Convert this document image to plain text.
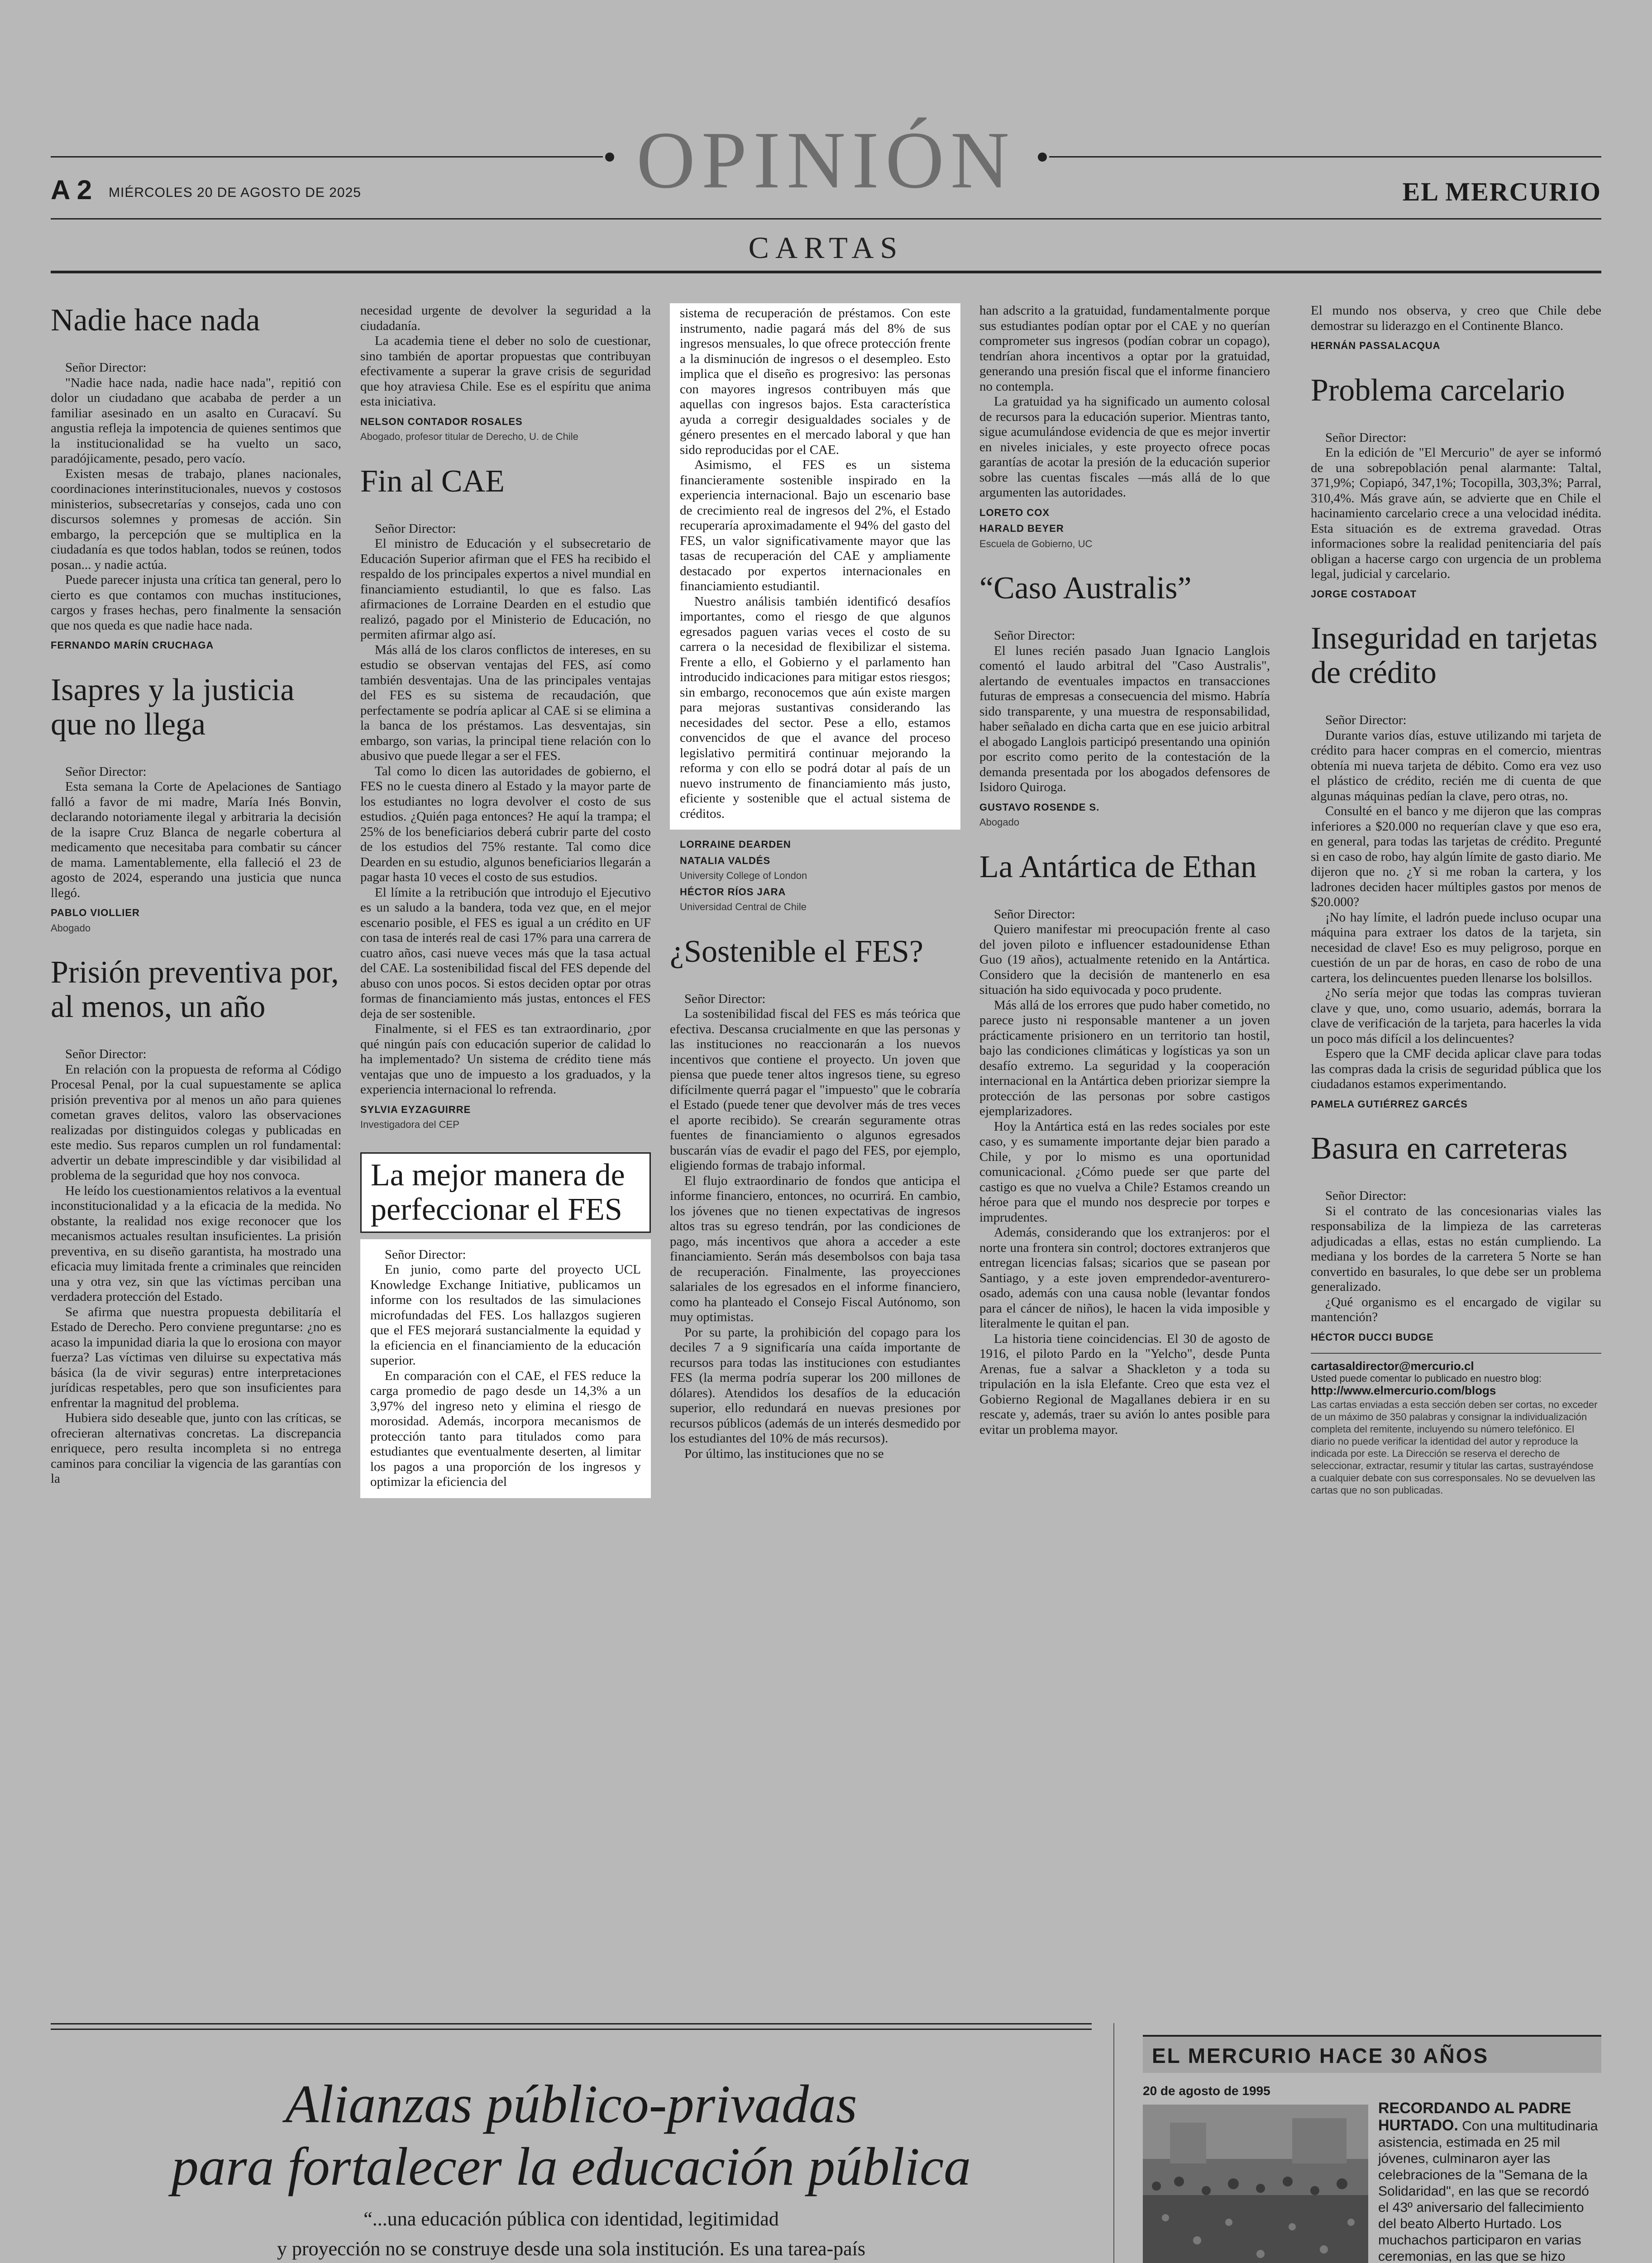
OPINIÓN
A 2 MIÉRCOLES 20 DE AGOSTO DE 2025	EL MERCURIO
CARTAS
Nadie hace nada

Señor Director:

"Nadie hace nada, nadie hace nada", repitió con dolor un ciudadano que acababa de perder a un familiar asesinado en un asalto en Curacaví. Su angustia refleja la impotencia de quienes sentimos que la institucionalidad se ha vuelto un saco, paradójicamente, pesado, pero vacío.

Existen mesas de trabajo, planes nacionales, coordinaciones interinstitucionales, nuevos y costosos ministerios, subsecretarías y consejos, cada uno con discursos solemnes y promesas de acción. Sin embargo, la percepción que se multiplica en la ciudadanía es que todos hablan, todos se reúnen, todos posan... y nadie actúa.

Puede parecer injusta una crítica tan general, pero lo cierto es que contamos con muchas instituciones, cargos y frases hechas, pero finalmente la sensación que nos queda es que nadie hace nada.

FERNANDO MARÍN CRUCHAGA

Isapres y la justicia que no llega

Señor Director:

Esta semana la Corte de Apelaciones de Santiago falló a favor de mi madre, María Inés Bonvin, declarando notoriamente ilegal y arbitraria la decisión de la isapre Cruz Blanca de negarle cobertura al medicamento que necesitaba para combatir su cáncer de mama. Lamentablemente, ella falleció el 23 de agosto de 2024, esperando una justicia que nunca llegó.

PABLO VIOLLIER

Abogado

Prisión preventiva por, al menos, un año

Señor Director:

En relación con la propuesta de reforma al Código Procesal Penal, por la cual supuestamente se aplica prisión preventiva por al menos un año para quienes cometan graves delitos, valoro las observaciones realizadas por distinguidos colegas y publicadas en este medio. Sus reparos cumplen un rol fundamental: advertir un debate imprescindible y dar visibilidad al problema de la seguridad que hoy nos convoca.

He leído los cuestionamientos relativos a la eventual inconstitucionalidad y a la eficacia de la medida. No obstante, la realidad nos exige reconocer que los mecanismos actuales resultan insuficientes. La prisión preventiva, en su diseño garantista, ha mostrado una eficacia muy limitada frente a criminales que reinciden una y otra vez, sin que las víctimas perciban una verdadera protección del Estado.

Se afirma que nuestra propuesta debilitaría el Estado de Derecho. Pero conviene preguntarse: ¿no es acaso la impunidad diaria la que lo erosiona con mayor fuerza? Las víctimas ven diluirse su expectativa más básica (la de vivir seguras) entre interpretaciones jurídicas respetables, pero que son insuficientes para enfrentar la magnitud del problema.

Hubiera sido deseable que, junto con las críticas, se ofrecieran alternativas concretas. La discrepancia enriquece, pero resulta incompleta si no entrega caminos para conciliar la vigencia de las garantías con la

necesidad urgente de devolver la seguridad a la ciudadanía.

La academia tiene el deber no solo de cuestionar, sino también de aportar propuestas que contribuyan efectivamente a superar la grave crisis de seguridad que hoy atraviesa Chile. Ese es el espíritu que anima esta iniciativa.

NELSON CONTADOR ROSALES

Abogado, profesor titular de Derecho, U. de Chile

Fin al CAE

Señor Director:

El ministro de Educación y el subsecretario de Educación Superior afirman que el FES ha recibido el respaldo de los principales expertos a nivel mundial en financiamiento estudiantil, lo que es falso. Las afirmaciones de Lorraine Dearden en el estudio que realizó, pagado por el Ministerio de Educación, no permiten afirmar algo así.

Más allá de los claros conflictos de intereses, en su estudio se observan ventajas del FES, así como también desventajas. Una de las principales ventajas del FES es su sistema de recaudación, que perfectamente se podría aplicar al CAE si se elimina a la banca de los préstamos. Las desventajas, sin embargo, son varias, la principal tiene relación con lo abusivo que puede llegar a ser el FES.

Tal como lo dicen las autoridades de gobierno, el FES no le cuesta dinero al Estado y la mayor parte de los estudiantes no logra devolver el costo de sus estudios. ¿Quién paga entonces? He aquí la trampa; el 25% de los beneficiarios deberá cubrir parte del costo de los estudios del 75% restante. Tal como dice Dearden en su estudio, algunos beneficiarios llegarán a pagar hasta 10 veces el costo de sus estudios.

El límite a la retribución que introdujo el Ejecutivo es un saludo a la bandera, toda vez que, en el mejor escenario posible, el FES es igual a un crédito en UF con tasa de interés real de casi 17% para una carrera de cuatro años, casi nueve veces más que la tasa actual del CAE. La sostenibilidad fiscal del FES depende del abuso con unos pocos. Si estos deciden optar por otras formas de financiamiento más justas, entonces el FES deja de ser sostenible.

Finalmente, si el FES es tan extraordinario, ¿por qué ningún país con educación superior de calidad lo ha implementado? Un sistema de crédito tiene más ventajas que uno de impuesto a los graduados, y la experiencia internacional lo refrenda.

SYLVIA EYZAGUIRRE

Investigadora del CEP

La mejor manera de perfeccionar el FES

Señor Director:

En junio, como parte del proyecto UCL Knowledge Exchange Initiative, publicamos un informe con los resultados de las simulaciones microfundadas del FES. Los hallazgos sugieren que el FES mejorará sustancialmente la equidad y la eficiencia en el financiamiento de la educación superior.

En comparación con el CAE, el FES reduce la carga promedio de pago desde un 14,3% a un 3,97% del ingreso neto y elimina el riesgo de morosidad. Además, incorpora mecanismos de protección tanto para titulados como para estudiantes que eventualmente deserten, al limitar los pagos a una proporción de los ingresos y optimizar la eficiencia del

sistema de recuperación de préstamos. Con este instrumento, nadie pagará más del 8% de sus ingresos mensuales, lo que ofrece protección frente a la disminución de ingresos o el desempleo. Esto implica que el diseño es progresivo: las personas con mayores ingresos contribuyen más que aquellas con ingresos bajos. Esta característica ayuda a corregir desigualdades sociales y de género presentes en el mercado laboral y que han sido reproducidas por el CAE.

Asimismo, el FES es un sistema financieramente sostenible inspirado en la experiencia internacional. Bajo un escenario base de crecimiento real de ingresos del 2%, el Estado recuperaría aproximadamente el 94% del gasto del FES, un valor significativamente mayor que las tasas de recuperación del CAE y ampliamente destacado por expertos internacionales en financiamiento estudiantil.

Nuestro análisis también identificó desafíos importantes, como el riesgo de que algunos egresados paguen varias veces el costo de su carrera o la necesidad de flexibilizar el sistema. Frente a ello, el Gobierno y el parlamento han introducido indicaciones para mitigar estos riesgos; sin embargo, reconocemos que aún existe margen para mejoras sustantivas considerando las necesidades del sector. Pese a ello, estamos convencidos de que el avance del proceso legislativo permitirá continuar mejorando la reforma y con ello se podrá dotar al país de un nuevo instrumento de financiamiento más justo, eficiente y sostenible que el actual sistema de créditos.

LORRAINE DEARDEN

NATALIA VALDÉS

University College of London

HÉCTOR RÍOS JARA

Universidad Central de Chile

¿Sostenible el FES?

Señor Director:

La sostenibilidad fiscal del FES es más teórica que efectiva. Descansa crucialmente en que las personas y las instituciones no reaccionarán a los nuevos incentivos que contiene el proyecto. Un joven que piensa que puede tener altos ingresos tiene, su egreso difícilmente querrá pagar el "impuesto" que le cobraría el Estado (puede tener que devolver más de tres veces el aporte recibido). Se crearán seguramente otras fuentes de financiamiento o algunos egresados buscarán vías de evadir el pago del FES, por ejemplo, eligiendo formas de trabajo informal.

El flujo extraordinario de fondos que anticipa el informe financiero, entonces, no ocurrirá. En cambio, los jóvenes que no tienen expectativas de ingresos altos tras su egreso tendrán, por las condiciones de pago, más incentivos que ahora a acceder a este financiamiento. Serán más desembolsos con baja tasa de recuperación. Finalmente, las proyecciones salariales de los egresados en el informe financiero, como ha planteado el Consejo Fiscal Autónomo, son muy optimistas.

Por su parte, la prohibición del copago para los deciles 7 a 9 significaría una caída importante de recursos para todas las instituciones con estudiantes FES (la merma podría superar los 200 millones de dólares). Atendidos los desafíos de la educación superior, ello redundará en nuevas presiones por recursos públicos (además de un interés desmedido por los estudiantes del 10% de más recursos).

Por último, las instituciones que no se

han adscrito a la gratuidad, fundamentalmente porque sus estudiantes podían optar por el CAE y no querían comprometer sus ingresos (podían cobrar un copago), tendrían ahora incentivos a optar por la gratuidad, generando una presión fiscal que el informe financiero no contempla.

La gratuidad ya ha significado un aumento colosal de recursos para la educación superior. Mientras tanto, sigue acumulándose evidencia de que es mejor invertir en niveles iniciales, y este proyecto ofrece pocas garantías de acotar la presión de la educación superior sobre las cuentas fiscales —más allá de lo que argumenten las autoridades.

LORETO COX

HARALD BEYER

Escuela de Gobierno, UC

“Caso Australis”

Señor Director:

El lunes recién pasado Juan Ignacio Langlois comentó el laudo arbitral del "Caso Australis", alertando de eventuales impactos en transacciones futuras de empresas a consecuencia del mismo. Habría sido transparente, y una muestra de responsabilidad, haber señalado en dicha carta que en ese juicio arbitral el abogado Langlois participó presentando una opinión por escrito como perito de la contestación de la demanda presentada por los abogados defensores de Isidoro Quiroga.

GUSTAVO ROSENDE S.

Abogado

La Antártica de Ethan

Señor Director:

Quiero manifestar mi preocupación frente al caso del joven piloto e influencer estadounidense Ethan Guo (19 años), actualmente retenido en la Antártica. Considero que la decisión de mantenerlo en esa situación ha sido equivocada y poco prudente.

Más allá de los errores que pudo haber cometido, no parece justo ni responsable mantener a un joven prácticamente prisionero en un territorio tan hostil, bajo las condiciones climáticas y logísticas ya son un desafío extremo. La seguridad y la cooperación internacional en la Antártica deben priorizar siempre la protección de las personas por sobre castigos ejemplarizadores.

Hoy la Antártica está en las redes sociales por este caso, y es sumamente importante dejar bien parado a Chile, y por lo mismo es una oportunidad comunicacional. ¿Cómo puede ser que parte del castigo es que no vuelva a Chile? Estamos creando un héroe para que el mundo nos desprecie por torpes e imprudentes.

Además, considerando que los extranjeros: por el norte una frontera sin control; doctores extranjeros que entregan licencias falsas; sicarios que se pasean por Santiago, y a este joven emprendedor-aventurero-osado, además con una causa noble (levantar fondos para el cáncer de niños), le hacen la vida imposible y literalmente le quitan el pan.

La historia tiene coincidencias. El 30 de agosto de 1916, el piloto Pardo en la "Yelcho", desde Punta Arenas, fue a salvar a Shackleton y a toda su tripulación en la isla Elefante. Creo que esta vez el Gobierno Regional de Magallanes debiera ir en su rescate y, además, traer su avión lo antes posible para evitar un problema mayor.

El mundo nos observa, y creo que Chile debe demostrar su liderazgo en el Continente Blanco.

HERNÁN PASSALACQUA

Problema carcelario

Señor Director:

En la edición de "El Mercurio" de ayer se informó de una sobrepoblación penal alarmante: Taltal, 371,9%; Copiapó, 347,1%; Tocopilla, 303,3%; Parral, 310,4%. Más grave aún, se advierte que en Chile el hacinamiento carcelario crece a una velocidad inédita. Esta situación es de extrema gravedad. Otras informaciones sobre la realidad penitenciaria del país obligan a hacerse cargo con urgencia de un problema legal, judicial y carcelario.

JORGE COSTADOAT

Inseguridad en tarjetas de crédito

Señor Director:

Durante varios días, estuve utilizando mi tarjeta de crédito para hacer compras en el comercio, mientras obtenía mi nueva tarjeta de débito. Como era vez uso el plástico de crédito, recién me di cuenta de que algunas máquinas pedían la clave, pero otras, no.

Consulté en el banco y me dijeron que las compras inferiores a $20.000 no requerían clave y que eso era, en general, para todas las tarjetas de crédito. Pregunté si en caso de robo, hay algún límite de gasto diario. Me dijeron que no. ¿Y si me roban la cartera, y los ladrones deciden hacer múltiples gastos por menos de $20.000?

¡No hay límite, el ladrón puede incluso ocupar una máquina para extraer los datos de la tarjeta, sin necesidad de clave! Eso es muy peligroso, porque en cuestión de un par de horas, en caso de robo de una cartera, los delincuentes pueden llenarse los bolsillos.

¿No sería mejor que todas las compras tuvieran clave y que, uno, como usuario, además, borrara la clave de verificación de la tarjeta, para hacerles la vida un poco más difícil a los delincuentes?

Espero que la CMF decida aplicar clave para todas las compras dada la crisis de seguridad pública que los ciudadanos estamos experimentando.

PAMELA GUTIÉRREZ GARCÉS

Basura en carreteras

Señor Director:

Si el contrato de las concesionarias viales las responsabiliza de la limpieza de las carreteras adjudicadas a ellas, estas no están cumpliendo. La mediana y los bordes de la carretera 5 Norte se han convertido en basurales, lo que debe ser un problema generalizado.

¿Qué organismo es el encargado de vigilar su mantención?

HÉCTOR DUCCI BUDGE

cartasaldirector@mercurio.cl
Usted puede comentar lo publicado en nuestro blog:
http://www.elmercurio.com/blogs
Las cartas enviadas a esta sección deben ser cortas, no exceder de un máximo de 350 palabras y consignar la individualización completa del remitente, incluyendo su número telefónico. El diario no puede verificar la identidad del autor y reproduce la indicada por este. La Dirección se reserva el derecho de seleccionar, extractar, resumir y titular las cartas, sustrayéndose a cualquier debate con sus corresponsales. No se devuelven las cartas que no son publicadas.
Alianzas público-privadas
para fortalecer la educación pública
“...una educación pública con identidad, legitimidad
y proyección no se construye desde una sola institución. Es una tarea-país

EL MERCURIO HACE 30 AÑOS
20 de agosto de 1995
RECORDANDO AL PADRE HURTADO. Con una multitudinaria asistencia, estimada en 25 mil jóvenes, culminaron ayer las celebraciones de la "Semana de la Solidaridad", en las que se recordó el 43º aniversario del fallecimiento del beato Alberto Hurtado. Los muchachos participaron en varias ceremonias, en las que se hizo
